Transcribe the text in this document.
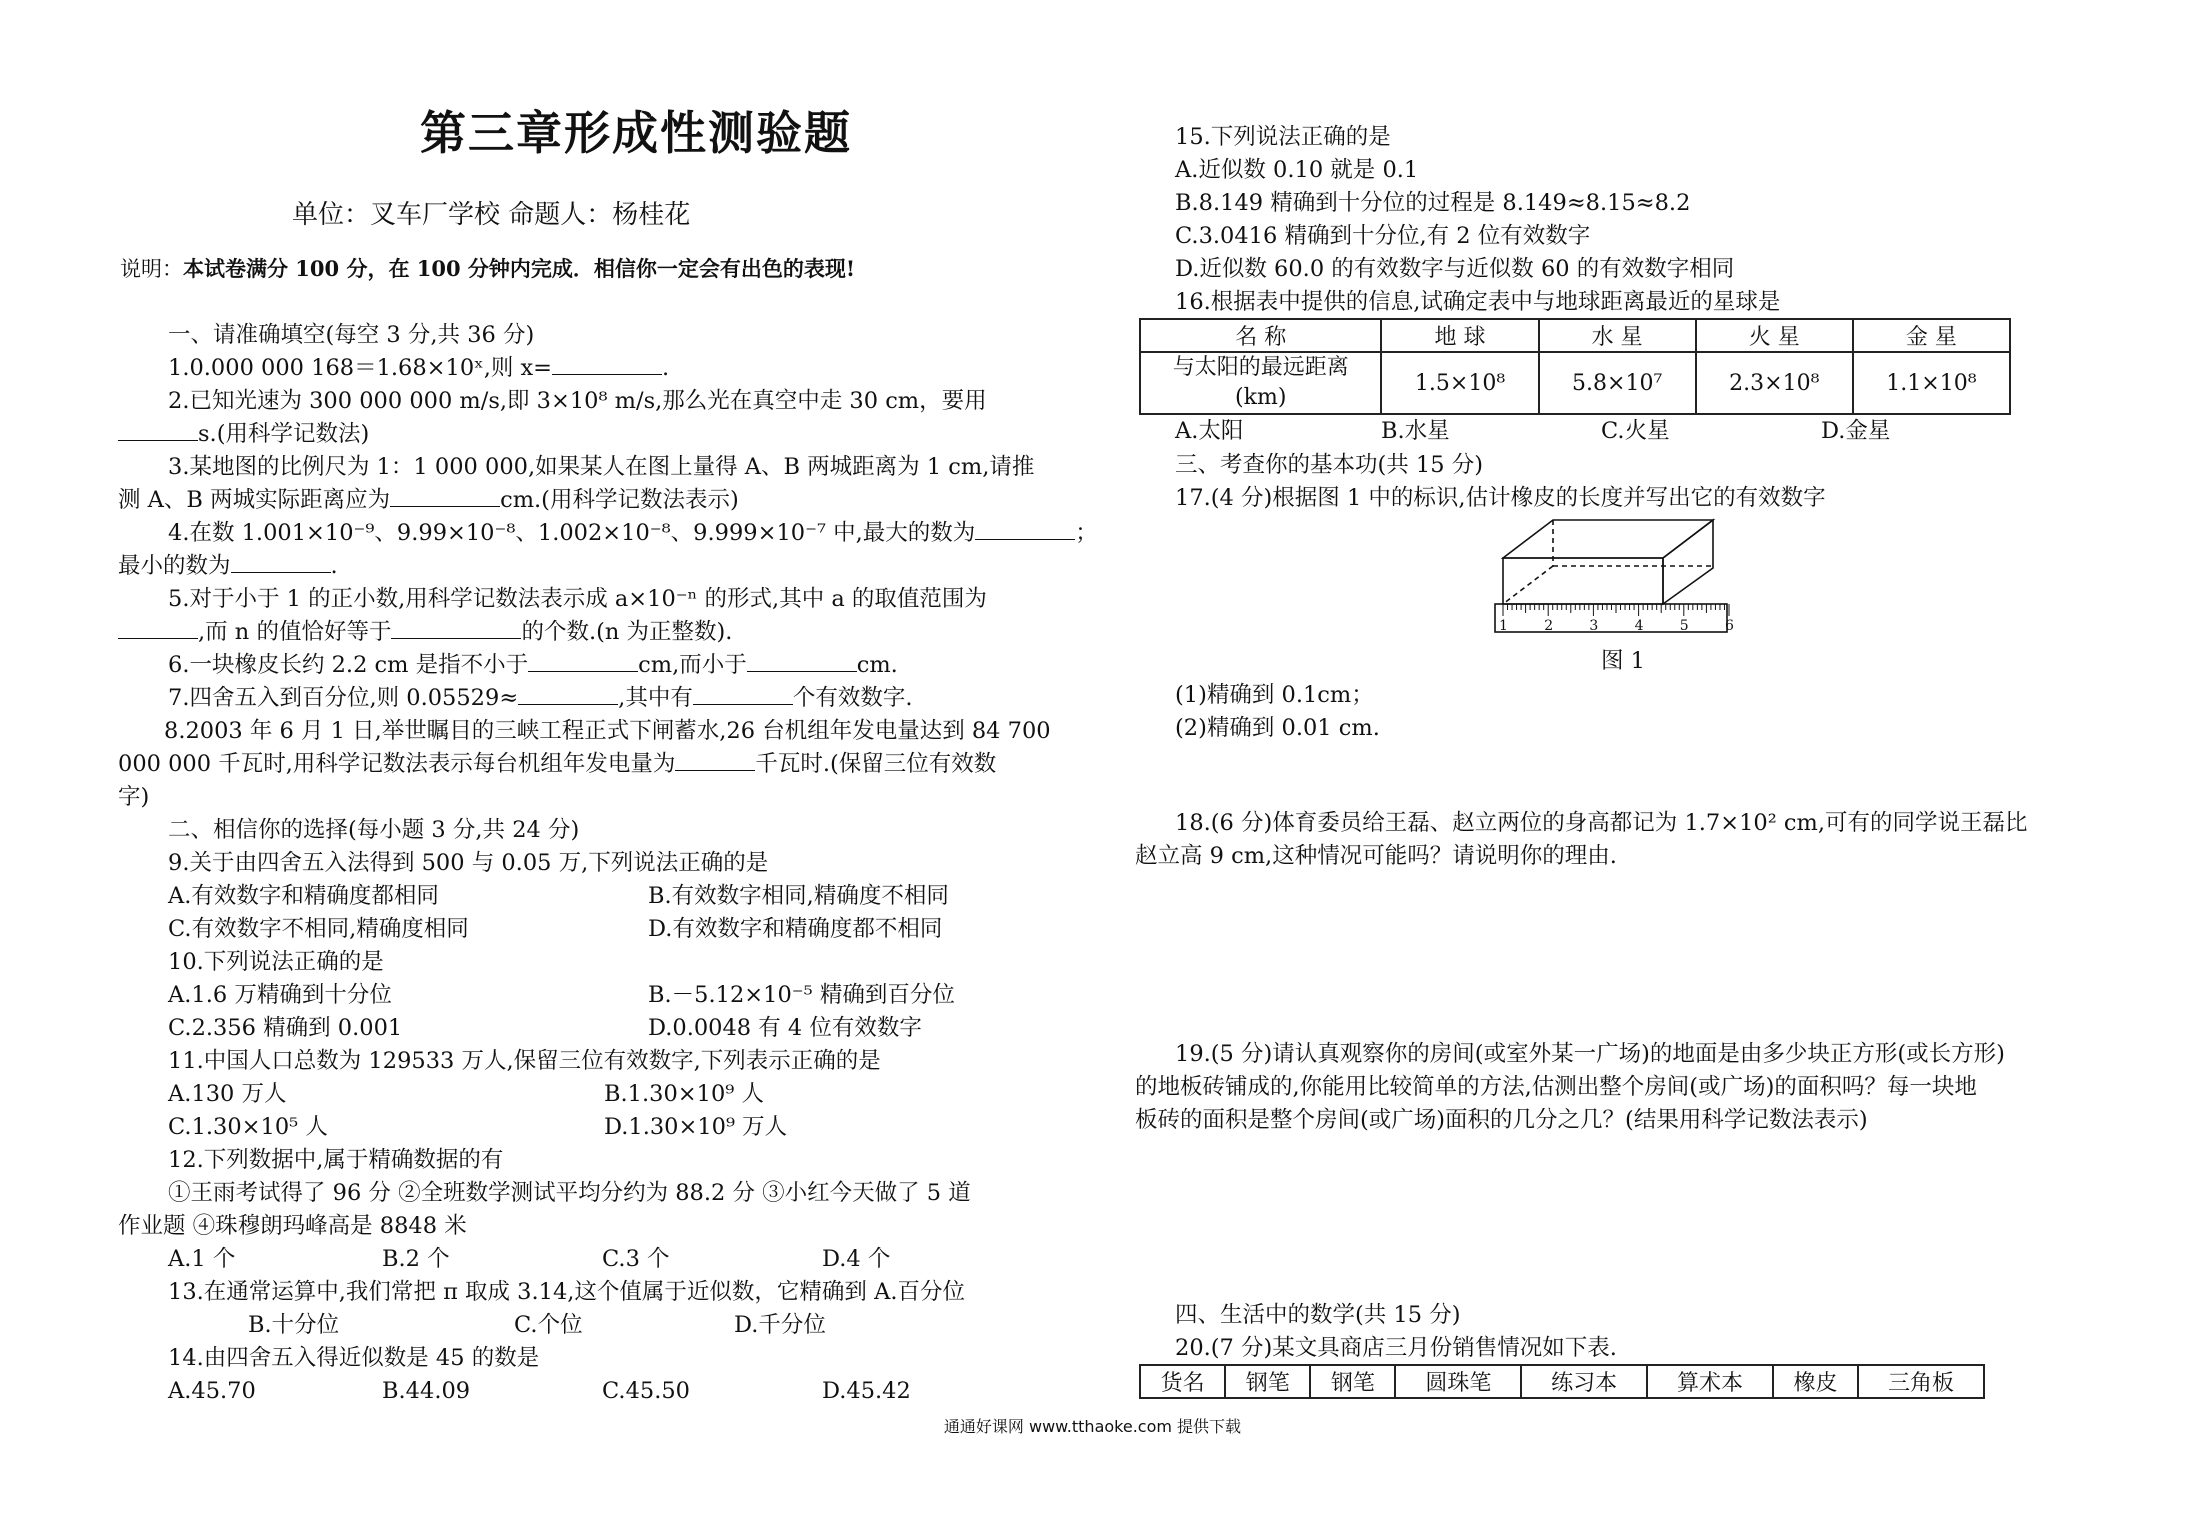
第三章形成性测验题
单位：叉车厂学校 命题人：杨桂花
说明：本试卷满分 100 分，在 100 分钟内完成．相信你一定会有出色的表现!
一、请准确填空(每空 3 分,共 36 分)
1.0.000 000 168＝1.68×10ˣ,则 x=	.
2.已知光速为 300 000 000 m/s,即 3×10⁸ m/s,那么光在真空中走 30 cm，要用
s.(用科学记数法)
3.某地图的比例尺为 1：1 000 000,如果某人在图上量得 A、B 两城距离为 1 cm,请推
测 A、B 两城实际距离应为	cm.(用科学记数法表示)
4.在数 1.001×10⁻⁹、9.99×10⁻⁸、1.002×10⁻⁸、9.999×10⁻⁷ 中,最大的数为	；
最小的数为	.
5.对于小于 1 的正小数,用科学记数法表示成 a×10⁻ⁿ 的形式,其中 a 的取值范围为
,而 n 的值恰好等于	的个数.(n 为正整数).
6.一块橡皮长约 2.2 cm 是指不小于	cm,而小于	cm.
7.四舍五入到百分位,则 0.05529≈	,其中有	个有效数字.
8.2003 年 6 月 1 日,举世瞩目的三峡工程正式下闸蓄水,26 台机组年发电量达到 84 700
000 000 千瓦时,用科学记数法表示每台机组年发电量为	千瓦时.(保留三位有效数
字)
二、相信你的选择(每小题 3 分,共 24 分)
9.关于由四舍五入法得到 500 与 0.05 万,下列说法正确的是
A.有效数字和精确度都相同	B.有效数字相同,精确度不相同
C.有效数字不相同,精确度相同	D.有效数字和精确度都不相同
10.下列说法正确的是
A.1.6 万精确到十分位	B.－5.12×10⁻⁵ 精确到百分位
C.2.356 精确到 0.001	D.0.0048 有 4 位有效数字
11.中国人口总数为 129533 万人,保留三位有效数字,下列表示正确的是
A.130 万人	B.1.30×10⁹ 人
C.1.30×10⁵ 人	D.1.30×10⁹ 万人
12.下列数据中,属于精确数据的有
①王雨考试得了 96 分 ②全班数学测试平均分约为 88.2 分 ③小红今天做了 5 道
作业题 ④珠穆朗玛峰高是 8848 米
A.1 个	B.2 个	C.3 个	D.4 个
13.在通常运算中,我们常把 π 取成 3.14,这个值属于近似数，它精确到 A.百分位
B.十分位	C.个位	D.千分位
14.由四舍五入得近似数是 45 的数是
A.45.70	B.44.09	C.45.50	D.45.42
15.下列说法正确的是
A.近似数 0.10 就是 0.1
B.8.149 精确到十分位的过程是 8.149≈8.15≈8.2
C.3.0416 精确到十分位,有 2 位有效数字
D.近似数 60.0 的有效数字与近似数 60 的有效数字相同
16.根据表中提供的信息,试确定表中与地球距离最近的星球是
名 称	地 球	水 星	火 星	金 星

与太阳的最远距离
(km)	1.5×10⁸	5.8×10⁷	2.3×10⁸	1.1×10⁸
A.太阳	B.水星	C.火星	D.金星
三、考查你的基本功(共 15 分)
17.(4 分)根据图 1 中的标识,估计橡皮的长度并写出它的有效数字
1	2	3	4	5	6
图 1
(1)精确到 0.1cm；
(2)精确到 0.01 cm.
18.(6 分)体育委员给王磊、赵立两位的身高都记为 1.7×10² cm,可有的同学说王磊比
赵立高 9 cm,这种情况可能吗？请说明你的理由.
19.(5 分)请认真观察你的房间(或室外某一广场)的地面是由多少块正方形(或长方形)
的地板砖铺成的,你能用比较简单的方法,估测出整个房间(或广场)的面积吗？每一块地
板砖的面积是整个房间(或广场)面积的几分之几？(结果用科学记数法表示)
四、生活中的数学(共 15 分)
20.(7 分)某文具商店三月份销售情况如下表.
货名	钢笔	钢笔	圆珠笔	练习本	算术本	橡皮	三角板
通通好课网 www.tthaoke.com 提供下载
